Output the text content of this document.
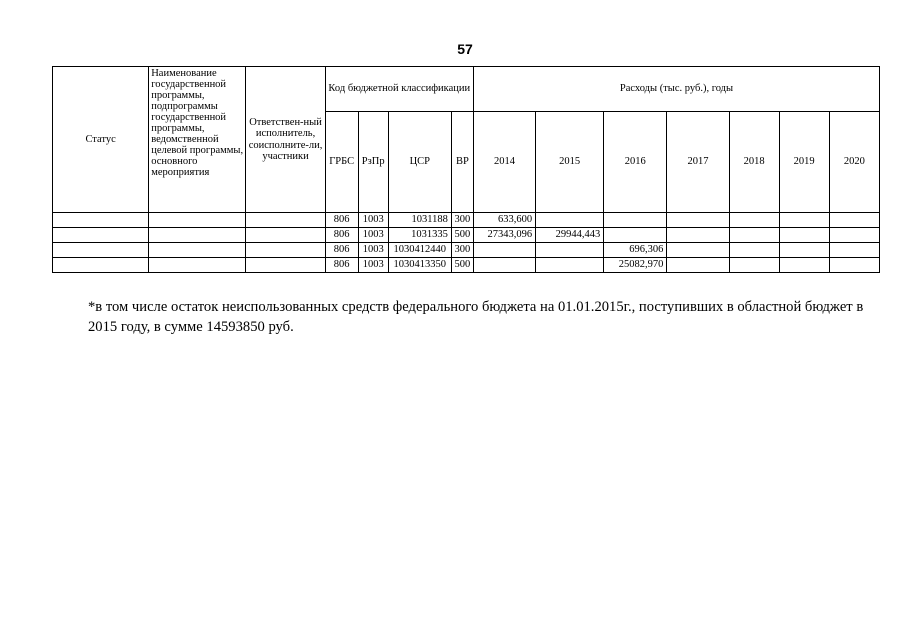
57
Статус	Наименование государственной программы, подпрограммы государственной программы, ведомственной целевой программы, основного мероприятия	Ответствен-ный исполнитель, соисполните-ли, участники	Код бюджетной классификации				Расходы (тыс. руб.), годы						
			ГРБС	РзПр	ЦСР	ВР	2014	2015	2016	2017	2018	2019	2020
			806	1003	1031188	300	633,600						
			806	1003	1031335	500	27343,096	29944,443					
			806	1003	1030412440	300			696,306				
			806	1003	1030413350	500			25082,970				
*в том числе остаток неиспользованных средств федерального бюджета на 01.01.2015г., поступивших в областной бюджет в 2015 году, в сумме 14593850 руб.
